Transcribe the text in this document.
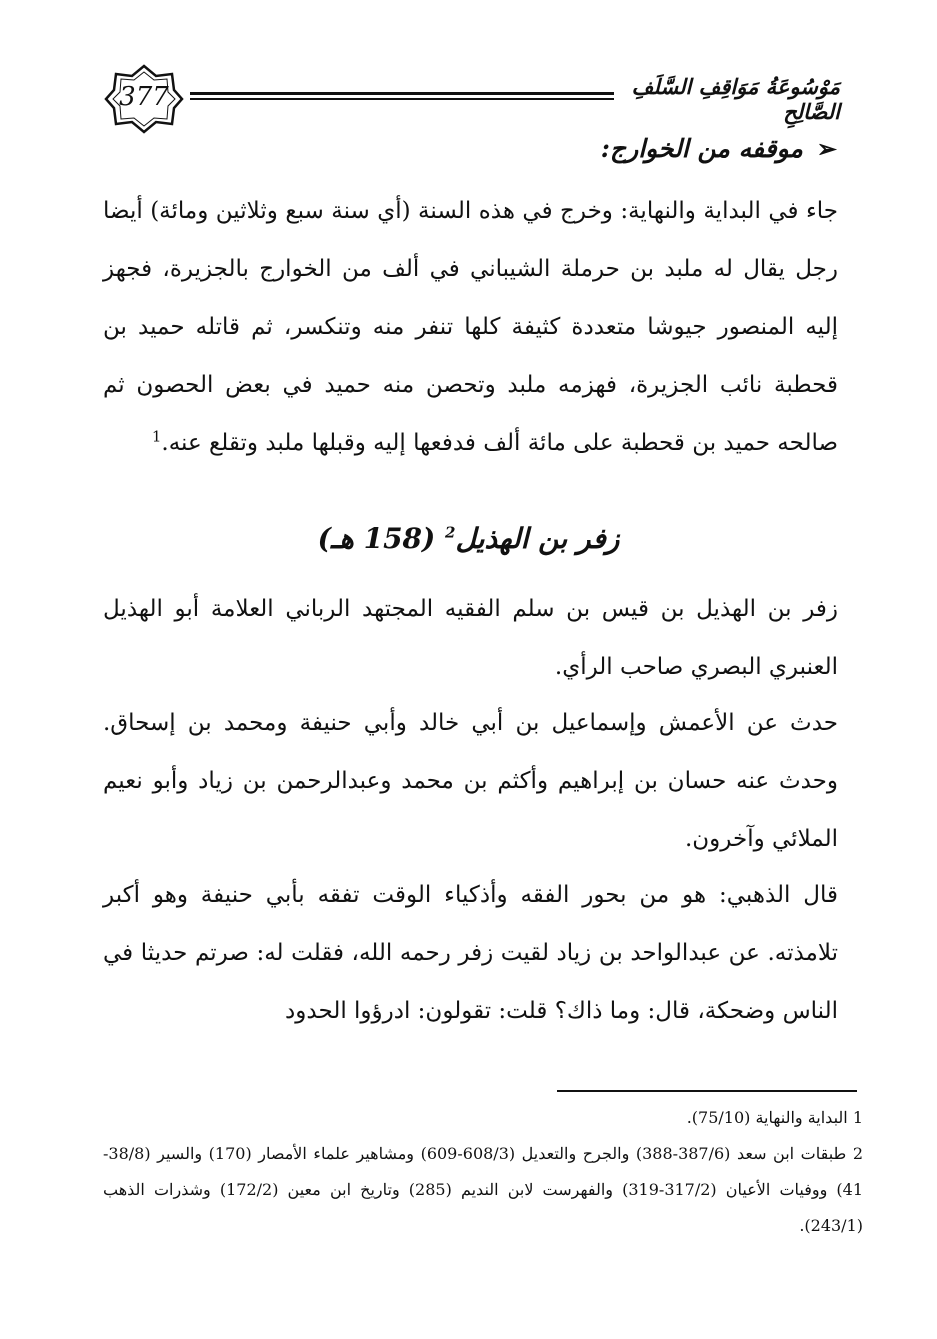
377	مَوْسُوعَةُ مَوَاقِفِ السَّلَفِ الصَّالِحِ
➢موقفه من الخوارج:
جاء في البداية والنهاية: وخرج في هذه السنة (أي سنة سبع وثلاثين ومائة) أيضا رجل يقال له ملبد بن حرملة الشيباني في ألف من الخوارج بالجزيرة، فجهز إليه المنصور جيوشا متعددة كثيفة كلها تنفر منه وتنكسر، ثم قاتله حميد بن قحطبة نائب الجزيرة، فهزمه ملبد وتحصن منه حميد في بعض الحصون ثم صالحه حميد بن قحطبة على مائة ألف فدفعها إليه وقبلها ملبد وتقلع عنه.$^1$
زفر بن الهذيل$^2$ (158 هـ)
زفر بن الهذيل بن قيس بن سلم الفقيه المجتهد الرباني العلامة أبو الهذيل العنبري البصري صاحب الرأي.
حدث عن الأعمش وإسماعيل بن أبي خالد وأبي حنيفة ومحمد بن إسحاق. وحدث عنه حسان بن إبراهيم وأكثم بن محمد وعبدالرحمن بن زياد وأبو نعيم الملائي وآخرون.
قال الذهبي: هو من بحور الفقه وأذكياء الوقت تفقه بأبي حنيفة وهو أكبر تلامذته. عن عبدالواحد بن زياد لقيت زفر رحمه الله، فقلت له: صرتم حديثا في الناس وضحكة، قال: وما ذاك؟ قلت: تقولون: ادرؤوا الحدود

1 البداية والنهاية (75/10).

2 طبقات ابن سعد (387/6-388) والجرح والتعديل (608/3-609) ومشاهير علماء الأمصار (170) والسير (38/8-41) ووفيات الأعيان (317/2-319) والفهرست لابن النديم (285) وتاريخ ابن معين (172/2) وشذرات الذهب (243/1).
